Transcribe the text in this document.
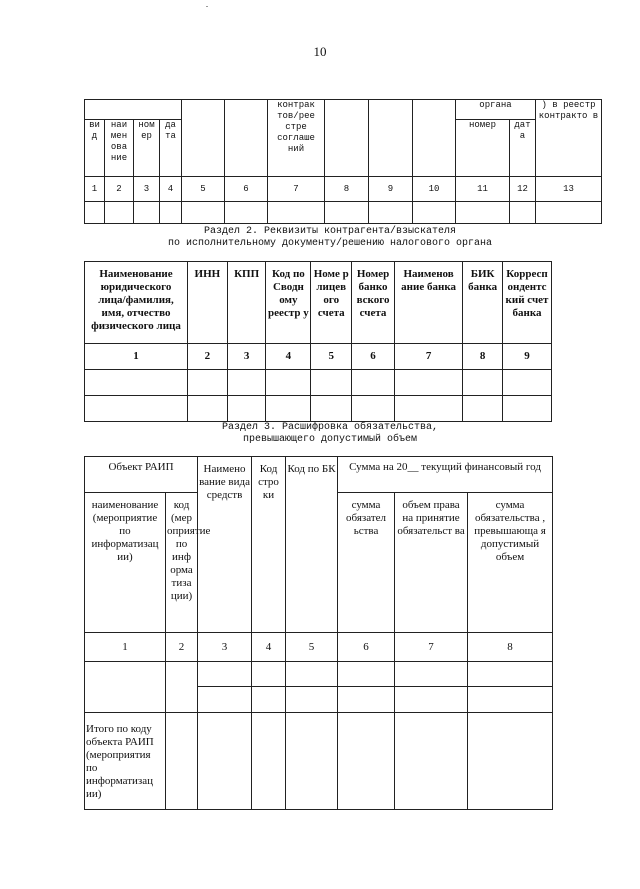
10
						контрак тов/рее стре соглаше ний				органа		) в реестр контракто в
ви д	наи мен ова ние	ном ер	да та							номер	дат а	
1	2	3	4	5	6	7	8	9	10	11	12	13

Раздел 2. Реквизиты контрагента/взыскателя
по исполнительному документу/решению налогового органа
Наименование юридического лица/фамилия, имя, отчество физического лица	ИНН	КПП	Код по Сводн ому реестр у	Номе р лицев ого счета	Номер банко вского счета	Наименов ание банка	БИК банка	Корресп ондентс кий счет банка
1	2	3	4	5	6	7	8	9

Раздел 3. Расшифровка обязательства,
превышающего допустимый объем
Объект РАИП		Наимено вание вида средств	Код стро ки	Код по БК	Сумма на 20__ текущий финансовый год		
наименование (мероприятие по информатизац ии)	код (мер оприятие по инф орма тиза ции)				сумма обязател ьства	объем права на принятие обязательст ва	сумма обязательства , превышающа я допустимый объем
1	2	3	4	5	6	7	8

Итого по коду объекта РАИП (мероприятия по информатизац ии)							
